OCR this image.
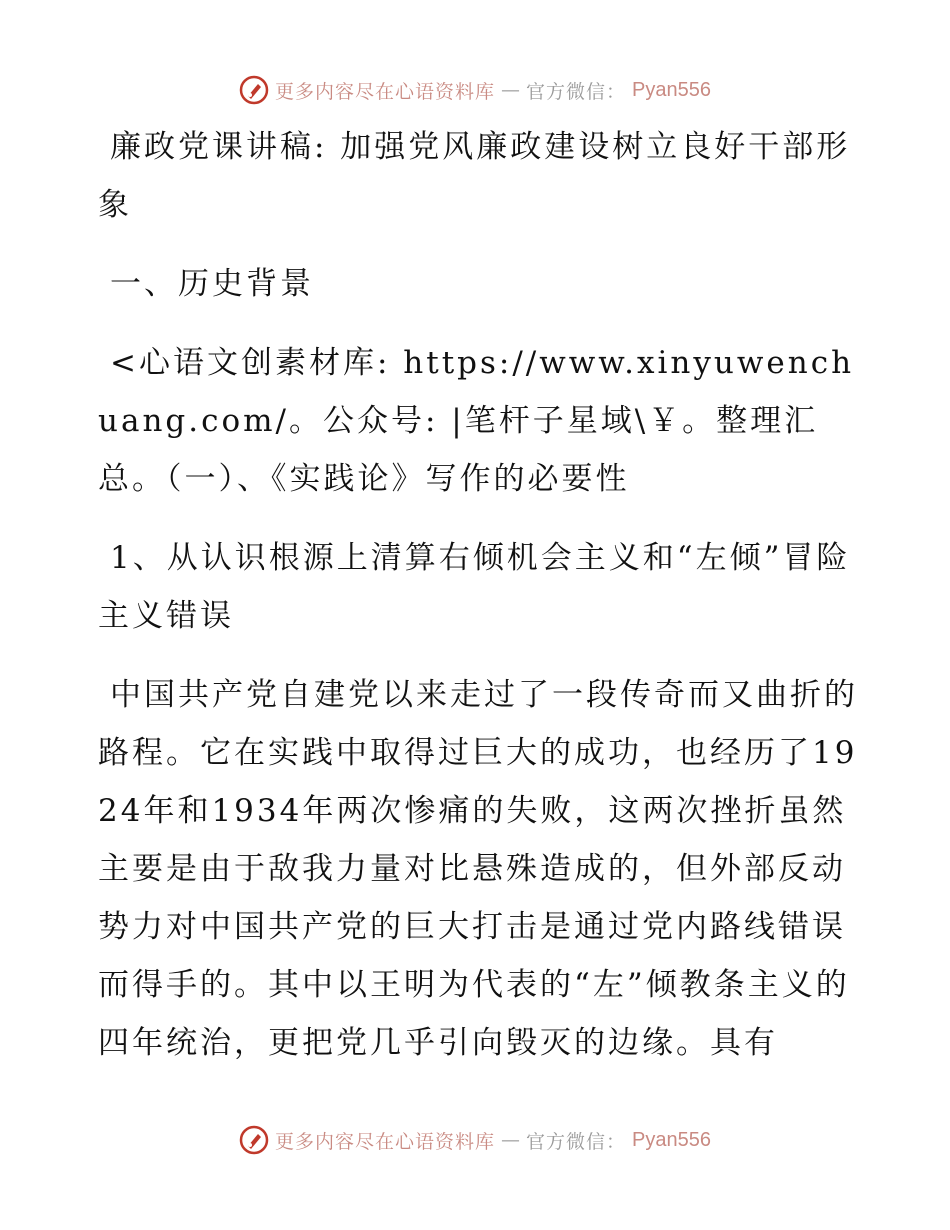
更多内容尽在心语资料库 — 官方微信： Pyan556

廉政党课讲稿: 加强党风廉政建设树立良好干部形象

一、历史背景

<心语文创素材库: https://www.xinyuwenchuang.com/。公众号: |笔杆子星域\￥。整理汇总。（一）、《实践论》写作的必要性

1、从认识根源上清算右倾机会主义和“左倾”冒险主义错误

中国共产党自建党以来走过了一段传奇而又曲折的路程。它在实践中取得过巨大的成功，也经历了1924年和1934年两次惨痛的失败，这两次挫折虽然主要是由于敌我力量对比悬殊造成的，但外部反动势力对中国共产党的巨大打击是通过党内路线错误而得手的。其中以王明为代表的“左”倾教条主义的四年统治，更把党几乎引向毁灭的边缘。具有

更多内容尽在心语资料库 — 官方微信： Pyan556
